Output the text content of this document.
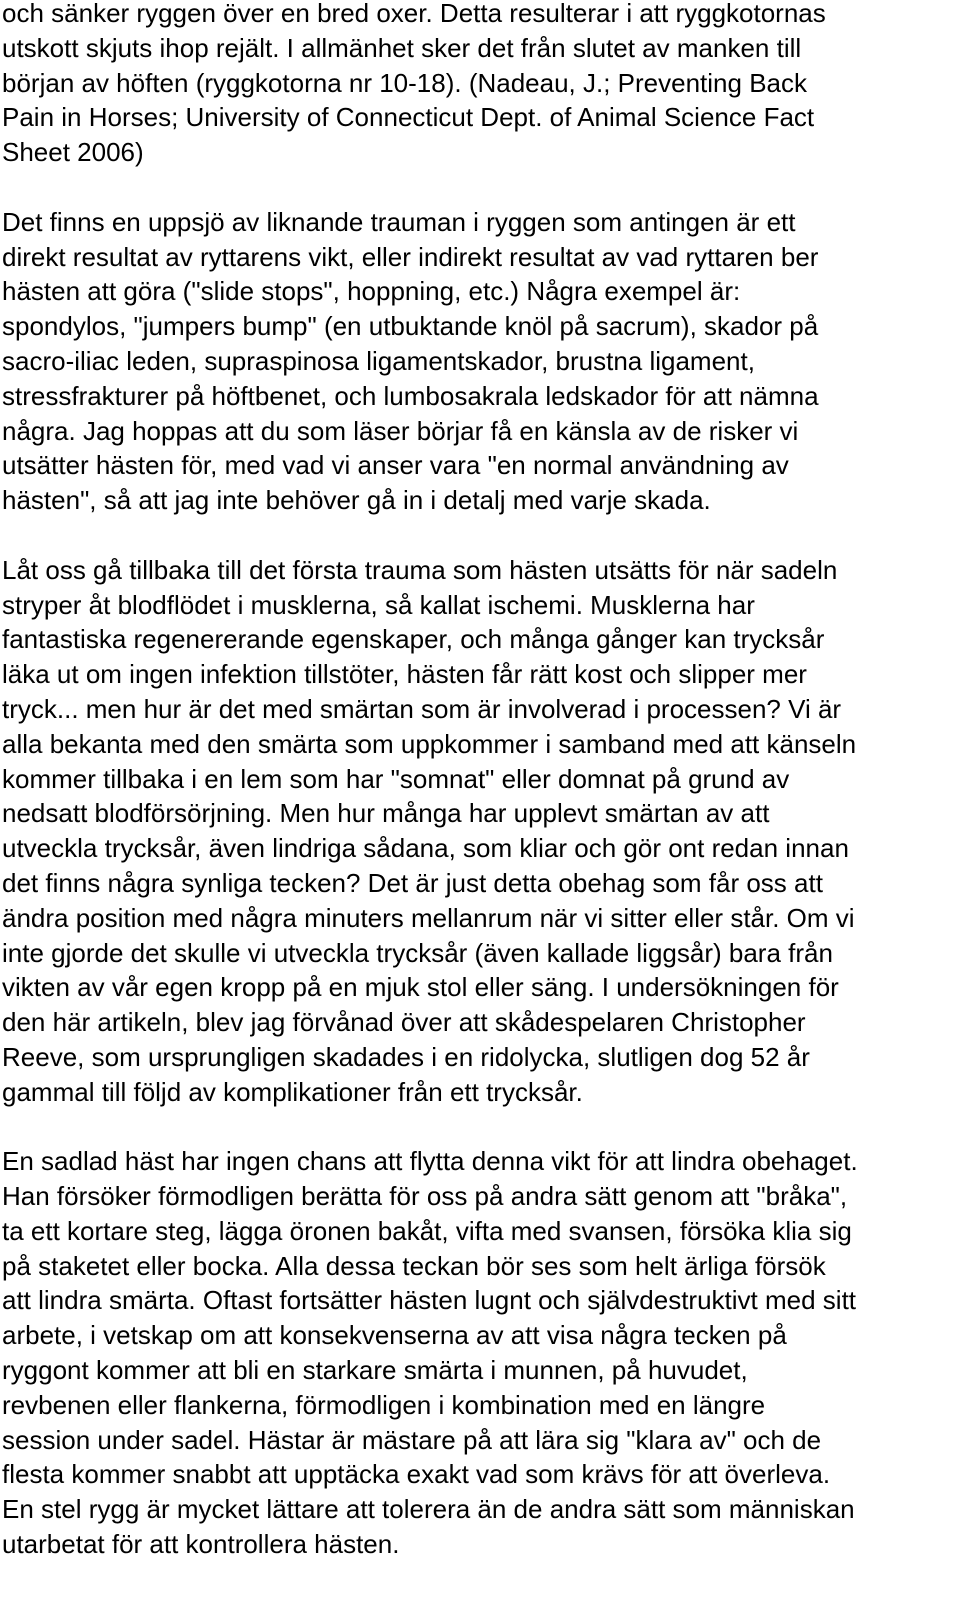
och sänker ryggen över en bred oxer. Detta resulterar i att ryggkotornas
utskott skjuts ihop rejält. I allmänhet sker det från slutet av manken till
början av höften (ryggkotorna nr 10-18). (Nadeau, J.; Preventing Back
Pain in Horses; University of Connecticut Dept. of Animal Science Fact
Sheet 2006)

Det finns en uppsjö av liknande trauman i ryggen som antingen är ett
direkt resultat av ryttarens vikt, eller indirekt resultat av vad ryttaren ber
hästen att göra ("slide stops", hoppning, etc.) Några exempel är:
spondylos, "jumpers bump" (en utbuktande knöl på sacrum), skador på
sacro-iliac leden, supraspinosa ligamentskador, brustna ligament,
stressfrakturer på höftbenet, och lumbosakrala ledskador för att nämna
några. Jag hoppas att du som läser börjar få en känsla av de risker vi
utsätter hästen för, med vad vi anser vara "en normal användning av
hästen", så att jag inte behöver gå in i detalj med varje skada.

Låt oss gå tillbaka till det första trauma som hästen utsätts för när sadeln
stryper åt blodflödet i musklerna, så kallat ischemi. Musklerna har
fantastiska regenererande egenskaper, och många gånger kan trycksår
läka ut om ingen infektion tillstöter, hästen får rätt kost och slipper mer
tryck... men hur är det med smärtan som är involverad i processen? Vi är
alla bekanta med den smärta som uppkommer i samband med att känseln
kommer tillbaka i en lem som har "somnat" eller domnat på grund av
nedsatt blodförsörjning. Men hur många har upplevt smärtan av att
utveckla trycksår, även lindriga sådana, som kliar och gör ont redan innan
det finns några synliga tecken? Det är just detta obehag som får oss att
ändra position med några minuters mellanrum när vi sitter eller står. Om vi
inte gjorde det skulle vi utveckla trycksår (även kallade liggsår) bara från
vikten av vår egen kropp på en mjuk stol eller säng. I undersökningen för
den här artikeln, blev jag förvånad över att skådespelaren Christopher
Reeve, som ursprungligen skadades i en ridolycka, slutligen dog 52 år
gammal till följd av komplikationer från ett trycksår.

En sadlad häst har ingen chans att flytta denna vikt för att lindra obehaget.
Han försöker förmodligen berätta för oss på andra sätt genom att "bråka",
ta ett kortare steg, lägga öronen bakåt, vifta med svansen, försöka klia sig
på staketet eller bocka. Alla dessa teckan bör ses som helt ärliga försök
att lindra smärta. Oftast fortsätter hästen lugnt och självdestruktivt med sitt
arbete, i vetskap om att konsekvenserna av att visa några tecken på
ryggont kommer att bli en starkare smärta i munnen, på huvudet,
revbenen eller flankerna, förmodligen i kombination med en längre
session under sadel. Hästar är mästare på att lära sig "klara av" och de
flesta kommer snabbt att upptäcka exakt vad som krävs för att överleva.
En stel rygg är mycket lättare att tolerera än de andra sätt som människan
utarbetat för att kontrollera hästen.
